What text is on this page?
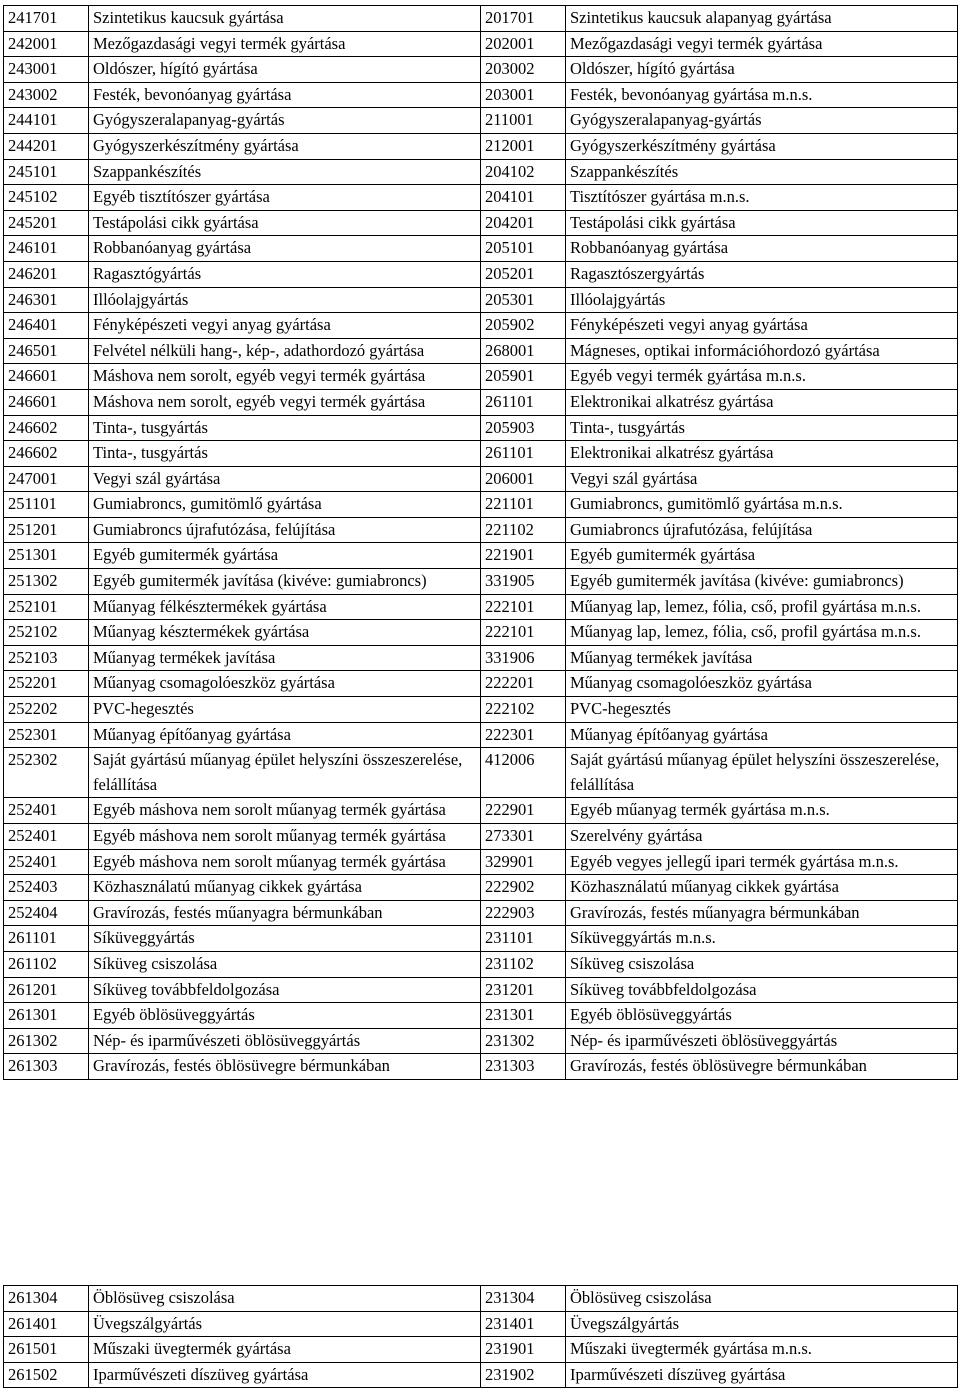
241701	Szintetikus kaucsuk gyártása	201701	Szintetikus kaucsuk alapanyag gyártása
242001	Mezőgazdasági vegyi termék gyártása	202001	Mezőgazdasági vegyi termék gyártása
243001	Oldószer, hígító gyártása	203002	Oldószer, hígító gyártása
243002	Festék, bevonóanyag gyártása	203001	Festék, bevonóanyag gyártása m.n.s.
244101	Gyógyszeralapanyag-gyártás	211001	Gyógyszeralapanyag-gyártás
244201	Gyógyszerkészítmény gyártása	212001	Gyógyszerkészítmény gyártása
245101	Szappankészítés	204102	Szappankészítés
245102	Egyéb tisztítószer gyártása	204101	Tisztítószer gyártása m.n.s.
245201	Testápolási cikk gyártása	204201	Testápolási cikk gyártása
246101	Robbanóanyag gyártása	205101	Robbanóanyag gyártása
246201	Ragasztógyártás	205201	Ragasztószergyártás
246301	Illóolajgyártás	205301	Illóolajgyártás
246401	Fényképészeti vegyi anyag gyártása	205902	Fényképészeti vegyi anyag gyártása
246501	Felvétel nélküli hang-, kép-, adathordozó gyártása	268001	Mágneses, optikai információhordozó gyártása
246601	Máshova nem sorolt, egyéb vegyi termék gyártása	205901	Egyéb vegyi termék gyártása m.n.s.
246601	Máshova nem sorolt, egyéb vegyi termék gyártása	261101	Elektronikai alkatrész gyártása
246602	Tinta-, tusgyártás	205903	Tinta-, tusgyártás
246602	Tinta-, tusgyártás	261101	Elektronikai alkatrész gyártása
247001	Vegyi szál gyártása	206001	Vegyi szál gyártása
251101	Gumiabroncs, gumitömlő gyártása	221101	Gumiabroncs, gumitömlő gyártása m.n.s.
251201	Gumiabroncs újrafutózása, felújítása	221102	Gumiabroncs újrafutózása, felújítása
251301	Egyéb gumitermék gyártása	221901	Egyéb gumitermék gyártása
251302	Egyéb gumitermék javítása (kivéve: gumiabroncs)	331905	Egyéb gumitermék javítása (kivéve: gumiabroncs)
252101	Műanyag félkésztermékek gyártása	222101	Műanyag lap, lemez, fólia, cső, profil gyártása m.n.s.
252102	Műanyag késztermékek gyártása	222101	Műanyag lap, lemez, fólia, cső, profil gyártása m.n.s.
252103	Műanyag termékek javítása	331906	Műanyag termékek javítása
252201	Műanyag csomagolóeszköz gyártása	222201	Műanyag csomagolóeszköz gyártása
252202	PVC-hegesztés	222102	PVC-hegesztés
252301	Műanyag építőanyag gyártása	222301	Műanyag építőanyag gyártása
252302	Saját gyártású műanyag épület helyszíni összeszerelése, felállítása	412006	Saját gyártású műanyag épület helyszíni összeszerelése, felállítása
252401	Egyéb máshova nem sorolt műanyag termék gyártása	222901	Egyéb műanyag termék gyártása m.n.s.
252401	Egyéb máshova nem sorolt műanyag termék gyártása	273301	Szerelvény gyártása
252401	Egyéb máshova nem sorolt műanyag termék gyártása	329901	Egyéb vegyes jellegű ipari termék gyártása m.n.s.
252403	Közhasználatú műanyag cikkek gyártása	222902	Közhasználatú műanyag cikkek gyártása
252404	Gravírozás, festés műanyagra bérmunkában	222903	Gravírozás, festés műanyagra bérmunkában
261101	Síküveggyártás	231101	Síküveggyártás m.n.s.
261102	Síküveg csiszolása	231102	Síküveg csiszolása
261201	Síküveg továbbfeldolgozása	231201	Síküveg továbbfeldolgozása
261301	Egyéb öblösüveggyártás	231301	Egyéb öblösüveggyártás
261302	Nép- és iparművészeti öblösüveggyártás	231302	Nép- és iparművészeti öblösüveggyártás
261303	Gravírozás, festés öblösüvegre bérmunkában	231303	Gravírozás, festés öblösüvegre bérmunkában
261304	Öblösüveg csiszolása	231304	Öblösüveg csiszolása
261401	Üvegszálgyártás	231401	Üvegszálgyártás
261501	Műszaki üvegtermék gyártása	231901	Műszaki üvegtermék gyártása m.n.s.
261502	Iparművészeti díszüveg gyártása	231902	Iparművészeti díszüveg gyártása
